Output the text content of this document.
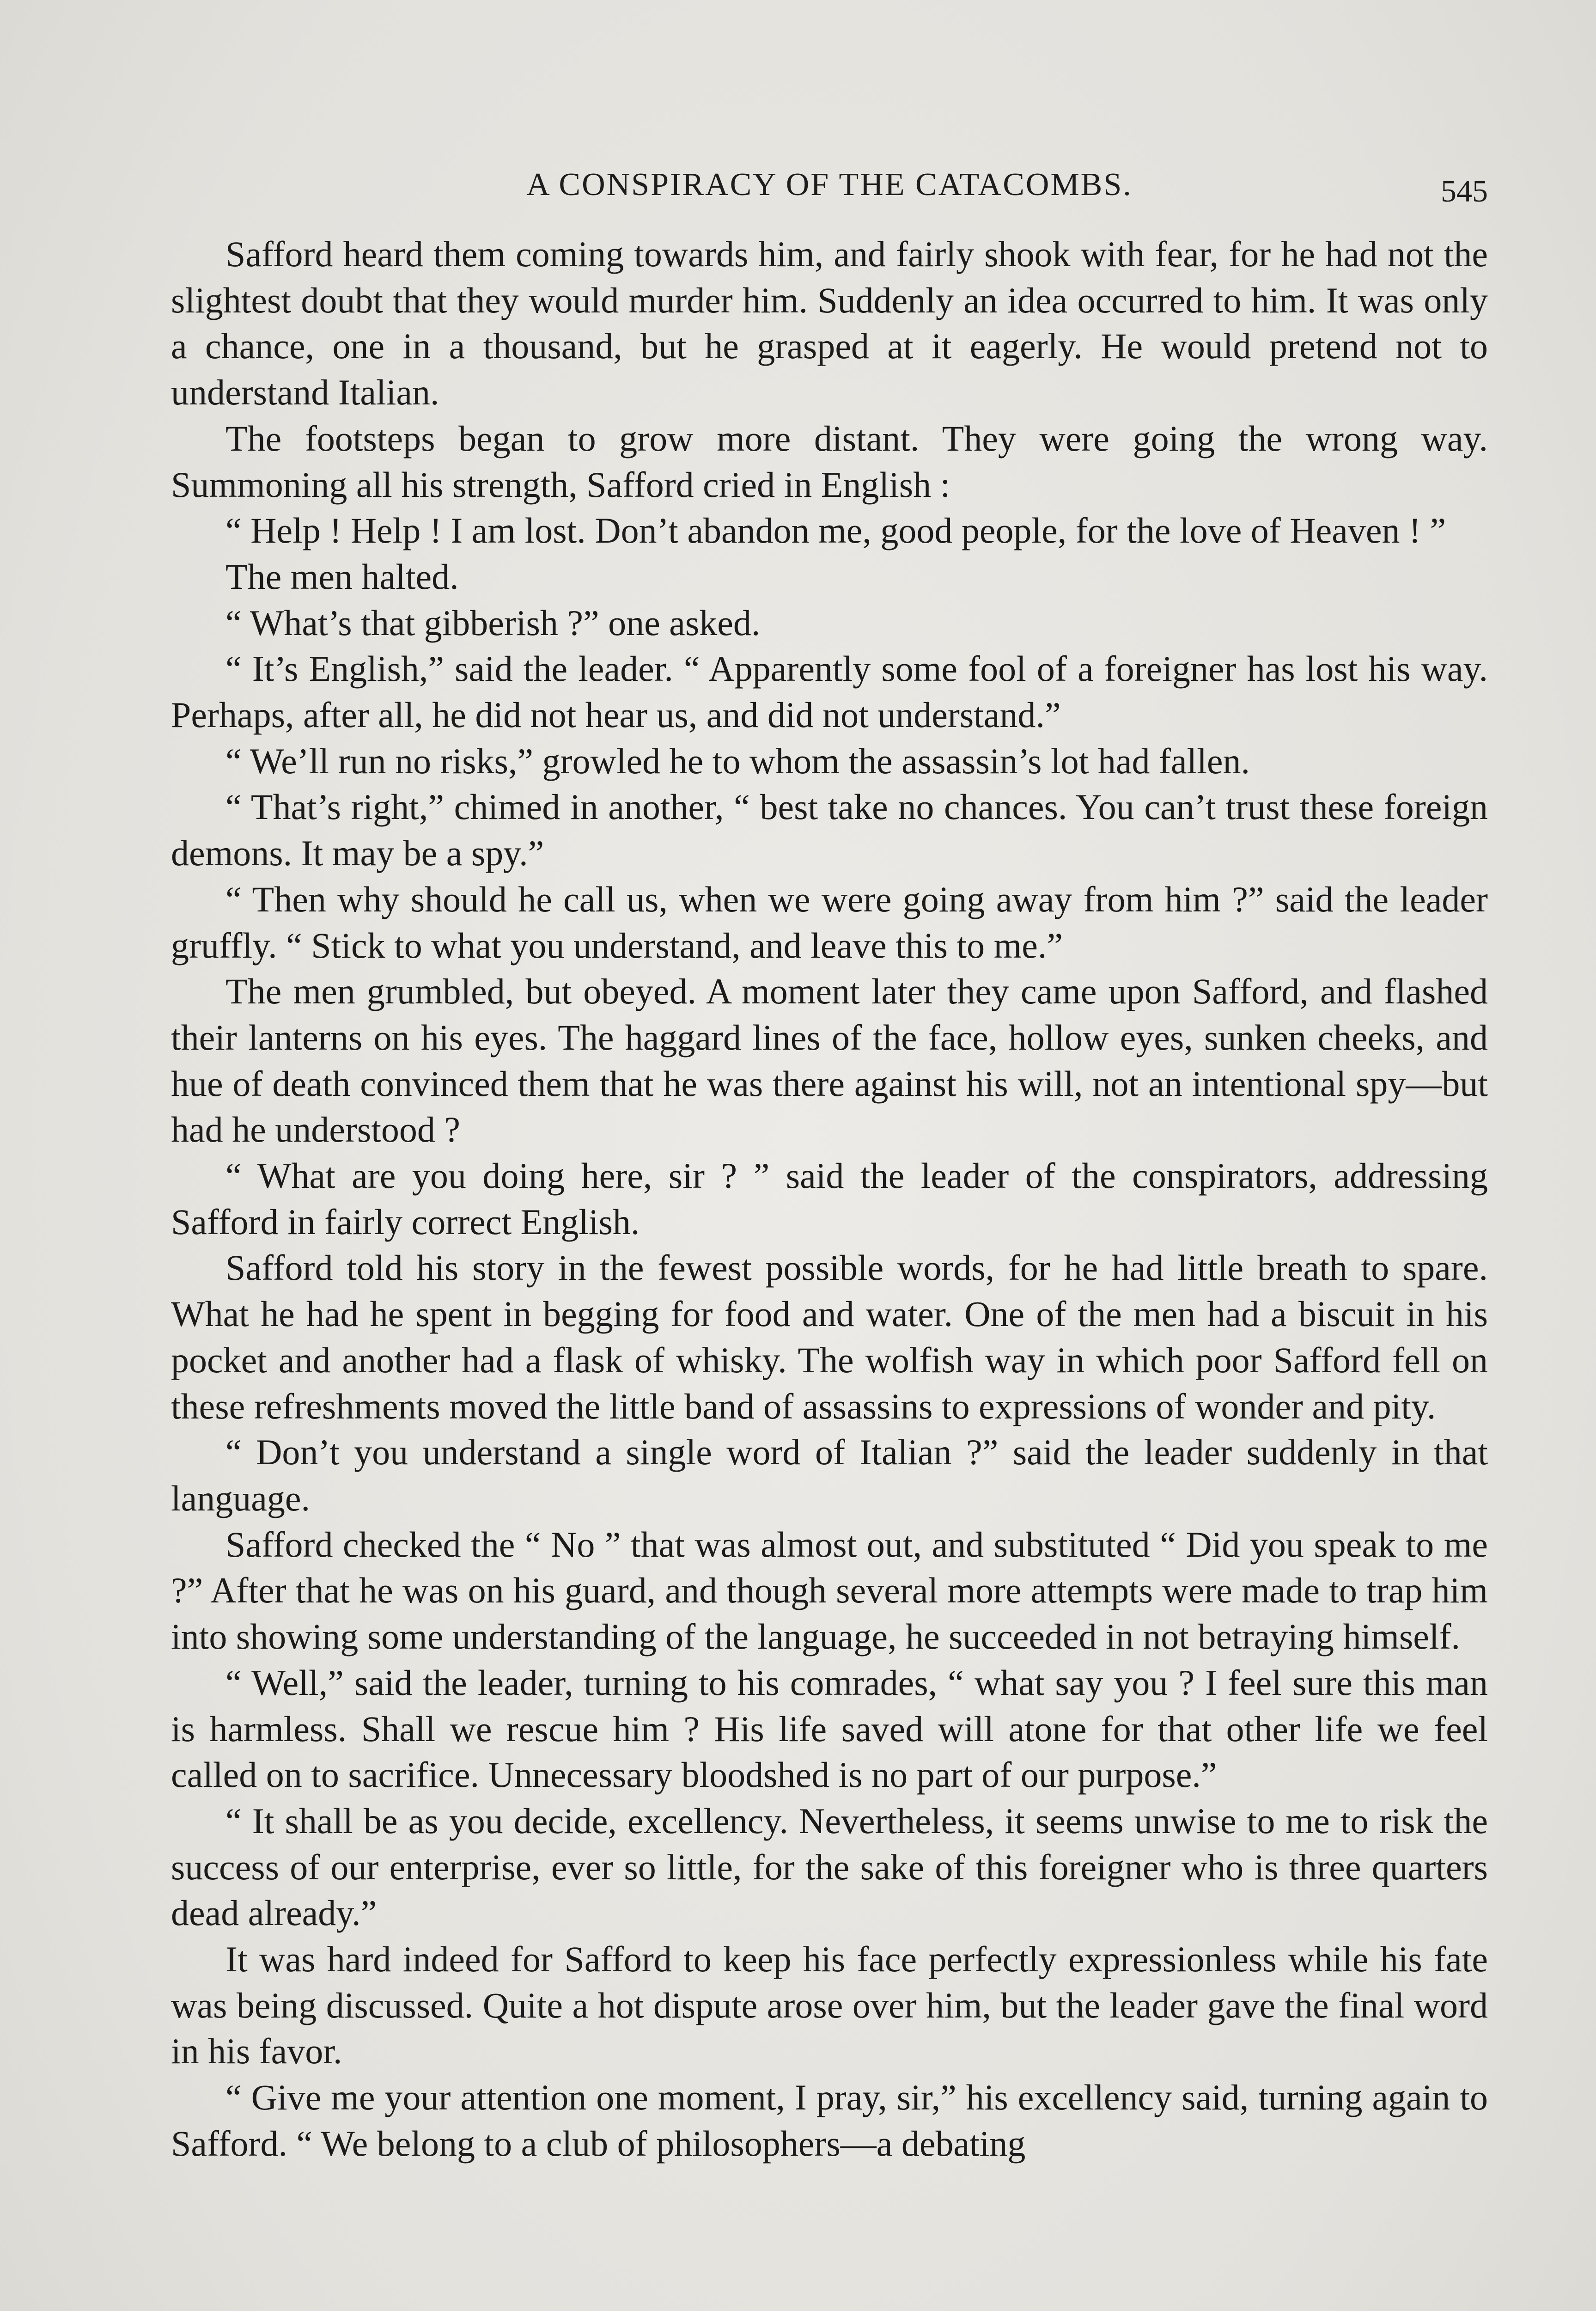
A CONSPIRACY OF THE CATACOMBS.	545

Safford heard them coming towards him, and fairly shook with fear, for he had not the slightest doubt that they would murder him. Suddenly an idea occurred to him. It was only a chance, one in a thousand, but he grasped at it eagerly. He would pretend not to understand Italian.

The footsteps began to grow more distant. They were going the wrong way. Summoning all his strength, Safford cried in English :

“ Help ! Help ! I am lost. Don’t abandon me, good people, for the love of Heaven ! ”

The men halted.

“ What’s that gibberish ?” one asked.

“ It’s English,” said the leader. “ Apparently some fool of a foreigner has lost his way. Perhaps, after all, he did not hear us, and did not understand.”

“ We’ll run no risks,” growled he to whom the assassin’s lot had fallen.

“ That’s right,” chimed in another, “ best take no chances. You can’t trust these foreign demons. It may be a spy.”

“ Then why should he call us, when we were going away from him ?” said the leader gruffly. “ Stick to what you understand, and leave this to me.”

The men grumbled, but obeyed. A moment later they came upon Safford, and flashed their lanterns on his eyes. The haggard lines of the face, hollow eyes, sunken cheeks, and hue of death convinced them that he was there against his will, not an intentional spy—but had he understood ?

“ What are you doing here, sir ? ” said the leader of the conspirators, addressing Safford in fairly correct English.

Safford told his story in the fewest possible words, for he had little breath to spare. What he had he spent in begging for food and water. One of the men had a biscuit in his pocket and another had a flask of whisky. The wolfish way in which poor Safford fell on these refreshments moved the little band of assassins to expressions of wonder and pity.

“ Don’t you understand a single word of Italian ?” said the leader suddenly in that language.

Safford checked the “ No ” that was almost out, and substituted “ Did you speak to me ?” After that he was on his guard, and though several more attempts were made to trap him into showing some understanding of the language, he succeeded in not betraying himself.

“ Well,” said the leader, turning to his comrades, “ what say you ? I feel sure this man is harmless. Shall we rescue him ? His life saved will atone for that other life we feel called on to sacrifice. Unnecessary bloodshed is no part of our purpose.”

“ It shall be as you decide, excellency. Nevertheless, it seems unwise to me to risk the success of our enterprise, ever so little, for the sake of this foreigner who is three quarters dead already.”

It was hard indeed for Safford to keep his face perfectly expressionless while his fate was being discussed. Quite a hot dispute arose over him, but the leader gave the final word in his favor.

“ Give me your attention one moment, I pray, sir,” his excellency said, turning again to Safford. “ We belong to a club of philosophers—a debating
